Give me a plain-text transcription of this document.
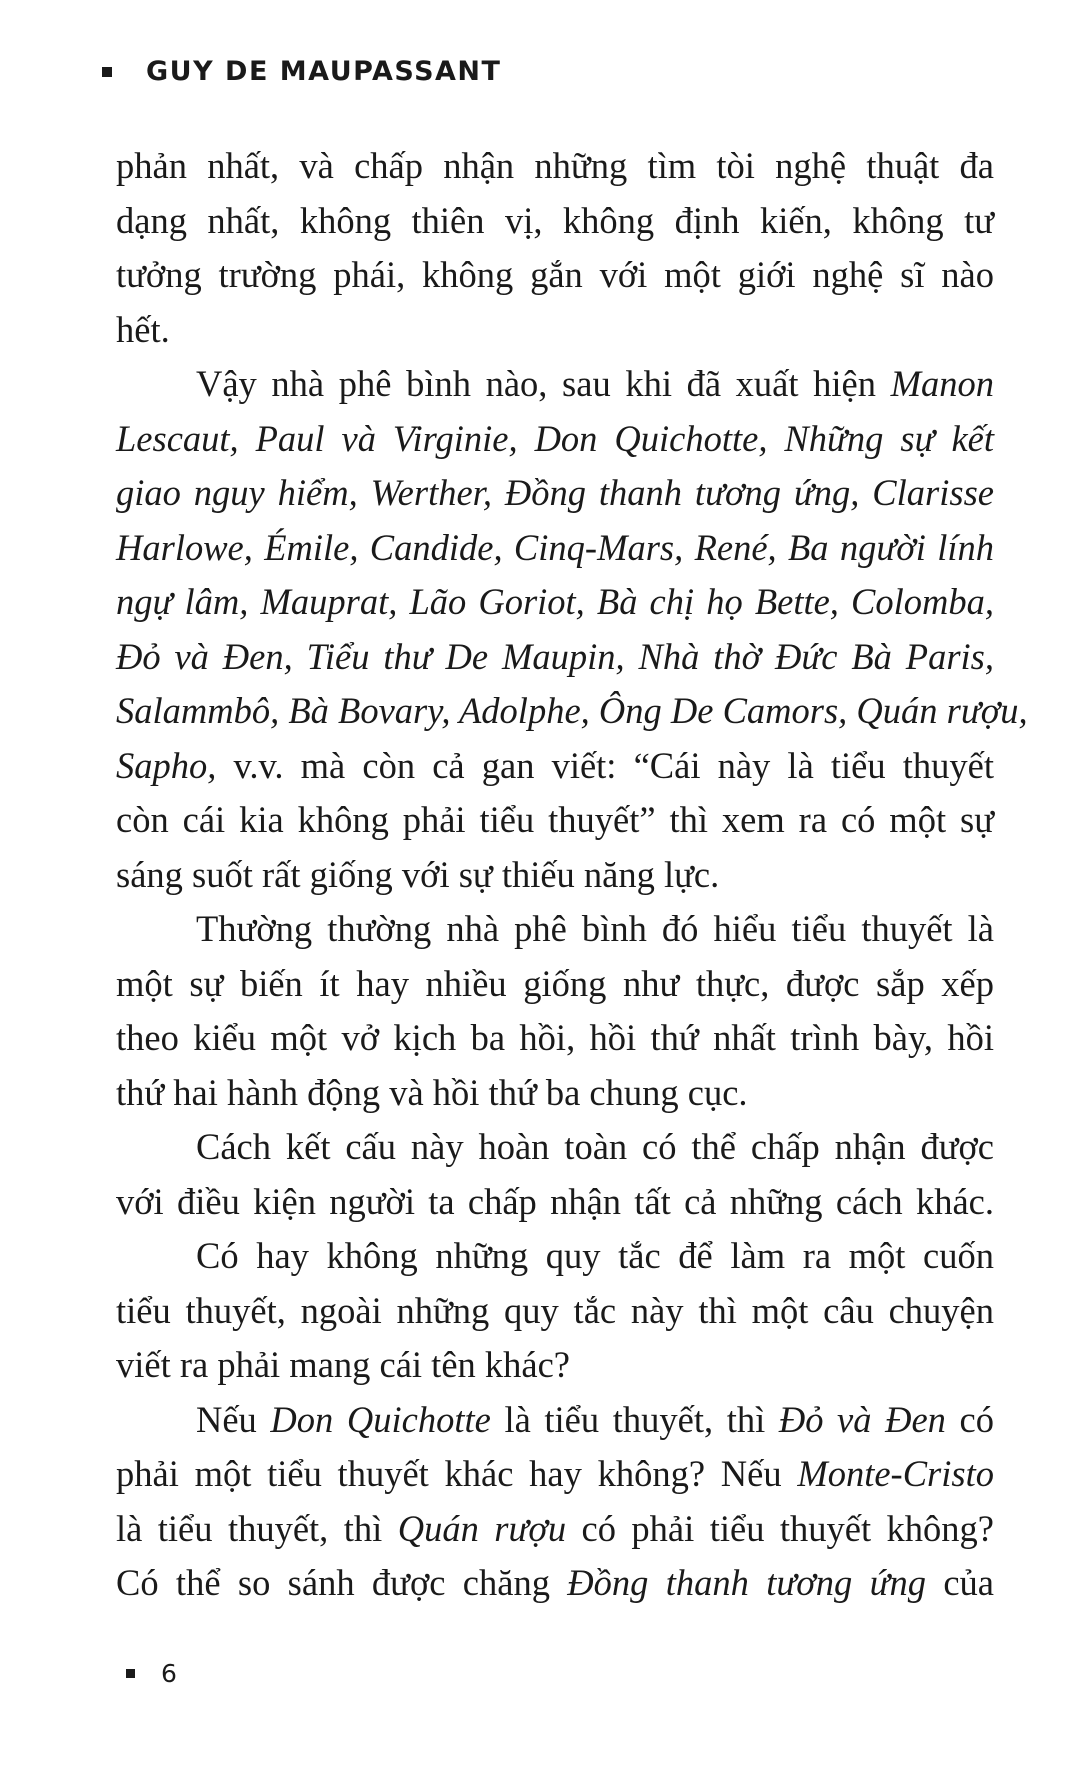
GUY DE MAUPASSANT
phản nhất, và chấp nhận những tìm tòi nghệ thuật đa
dạng nhất, không thiên vị, không định kiến, không tư
tưởng trường phái, không gắn với một giới nghệ sĩ nào
hết.
Vậy nhà phê bình nào, sau khi đã xuất hiện Manon
Lescaut, Paul và Virginie, Don Quichotte, Những sự kết
giao nguy hiểm, Werther, Đồng thanh tương ứng, Clarisse
Harlowe, Émile, Candide, Cinq-Mars, René, Ba người lính
ngự lâm, Mauprat, Lão Goriot, Bà chị họ Bette, Colomba,
Đỏ và Đen, Tiểu thư De Maupin, Nhà thờ Đức Bà Paris,
Salammbô, Bà Bovary, Adolphe, Ông De Camors, Quán rượu,
Sapho, v.v. mà còn cả gan viết: “Cái này là tiểu thuyết
còn cái kia không phải tiểu thuyết” thì xem ra có một sự
sáng suốt rất giống với sự thiếu năng lực.
Thường thường nhà phê bình đó hiểu tiểu thuyết là
một sự biến ít hay nhiều giống như thực, được sắp xếp
theo kiểu một vở kịch ba hồi, hồi thứ nhất trình bày, hồi
thứ hai hành động và hồi thứ ba chung cục.
Cách kết cấu này hoàn toàn có thể chấp nhận được
với điều kiện người ta chấp nhận tất cả những cách khác.
Có hay không những quy tắc để làm ra một cuốn
tiểu thuyết, ngoài những quy tắc này thì một câu chuyện
viết ra phải mang cái tên khác?
Nếu Don Quichotte là tiểu thuyết, thì Đỏ và Đen có
phải một tiểu thuyết khác hay không? Nếu Monte-Cristo
là tiểu thuyết, thì Quán rượu có phải tiểu thuyết không?
Có thể so sánh được chăng Đồng thanh tương ứng của
6
